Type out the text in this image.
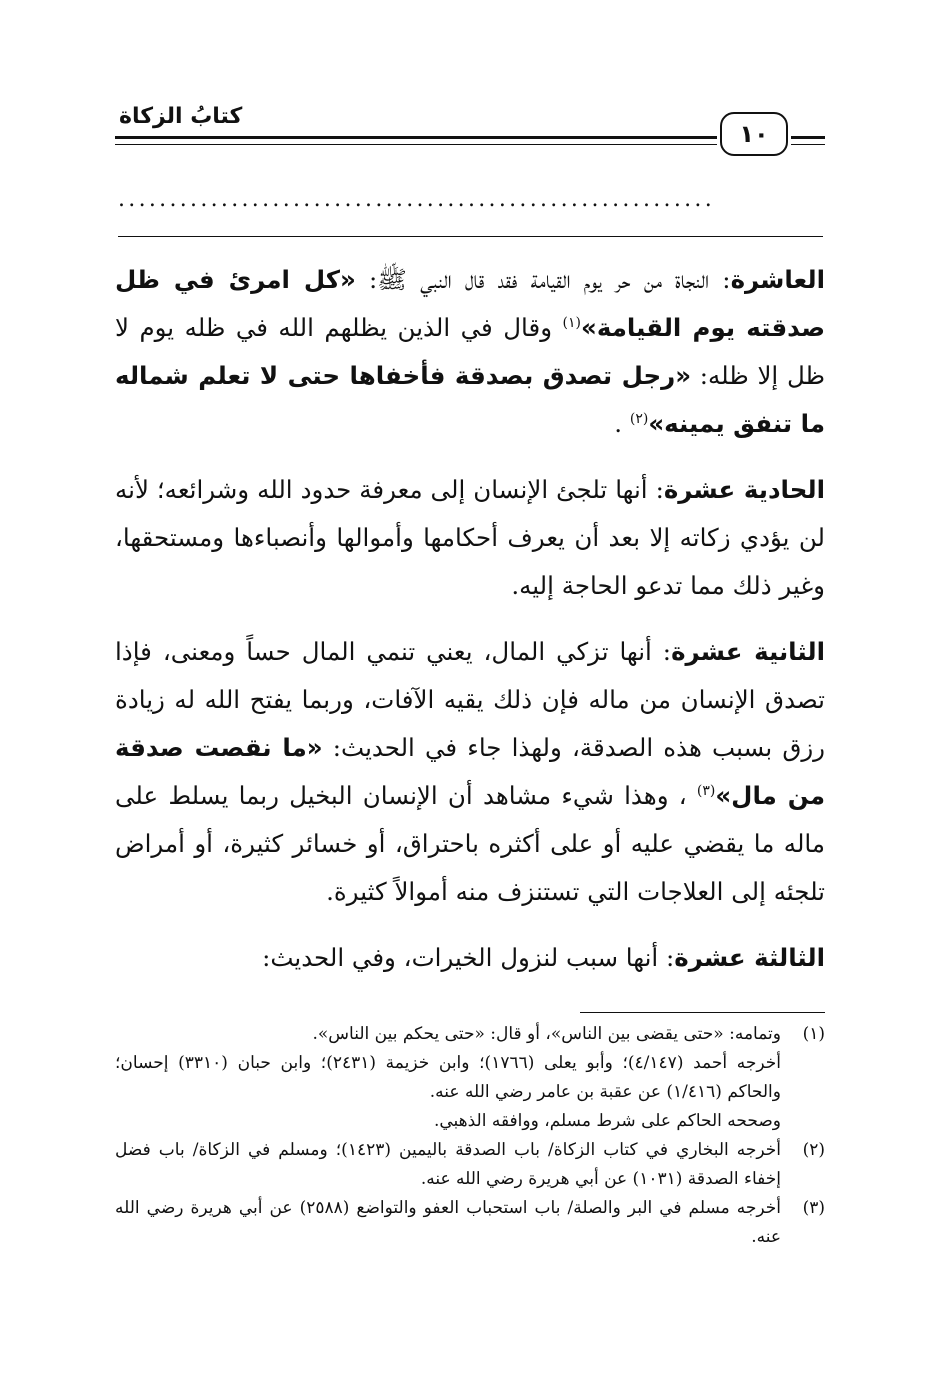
كتابُ الزكاة
١٠
..........................................................

العاشرة: النجاة من حر يوم القيامة فقد قال النبي ﷺ: «كل امرئ في ظل صدقته يوم القيامة»$^{(١)}$ وقال في الذين يظلهم الله في ظله يوم لا ظل إلا ظله: «رجل تصدق بصدقة فأخفاها حتى لا تعلم شماله ما تنفق يمينه»$^{(٢)}$ .

الحادية عشرة: أنها تلجئ الإنسان إلى معرفة حدود الله وشرائعه؛ لأنه لن يؤدي زكاته إلا بعد أن يعرف أحكامها وأموالها وأنصباءها ومستحقها، وغير ذلك مما تدعو الحاجة إليه.

الثانية عشرة: أنها تزكي المال، يعني تنمي المال حساً ومعنى، فإذا تصدق الإنسان من ماله فإن ذلك يقيه الآفات، وربما يفتح الله له زيادة رزق بسبب هذه الصدقة، ولهذا جاء في الحديث: «ما نقصت صدقة من مال»$^{(٣)}$ ، وهذا شيء مشاهد أن الإنسان البخيل ربما يسلط على ماله ما يقضي عليه أو على أكثره باحتراق، أو خسائر كثيرة، أو أمراض تلجئه إلى العلاجات التي تستنزف منه أموالاً كثيرة.

الثالثة عشرة: أنها سبب لنزول الخيرات، وفي الحديث:

(١)
وتمامه: «حتى يقضى بين الناس»، أو قال: «حتى يحكم بين الناس».
أخرجه أحمد (٤/١٤٧)؛ وأبو يعلى (١٧٦٦)؛ وابن خزيمة (٢٤٣١)؛ وابن حبان (٣٣١٠) إحسان؛ والحاكم (١/٤١٦) عن عقبة بن عامر رضي الله عنه.
وصححه الحاكم على شرط مسلم، ووافقه الذهبي.
(٢)
أخرجه البخاري في كتاب الزكاة/ باب الصدقة باليمين (١٤٢٣)؛ ومسلم في الزكاة/ باب فضل إخفاء الصدقة (١٠٣١) عن أبي هريرة رضي الله عنه.
(٣)
أخرجه مسلم في البر والصلة/ باب استحباب العفو والتواضع (٢٥٨٨) عن أبي هريرة رضي الله عنه.
